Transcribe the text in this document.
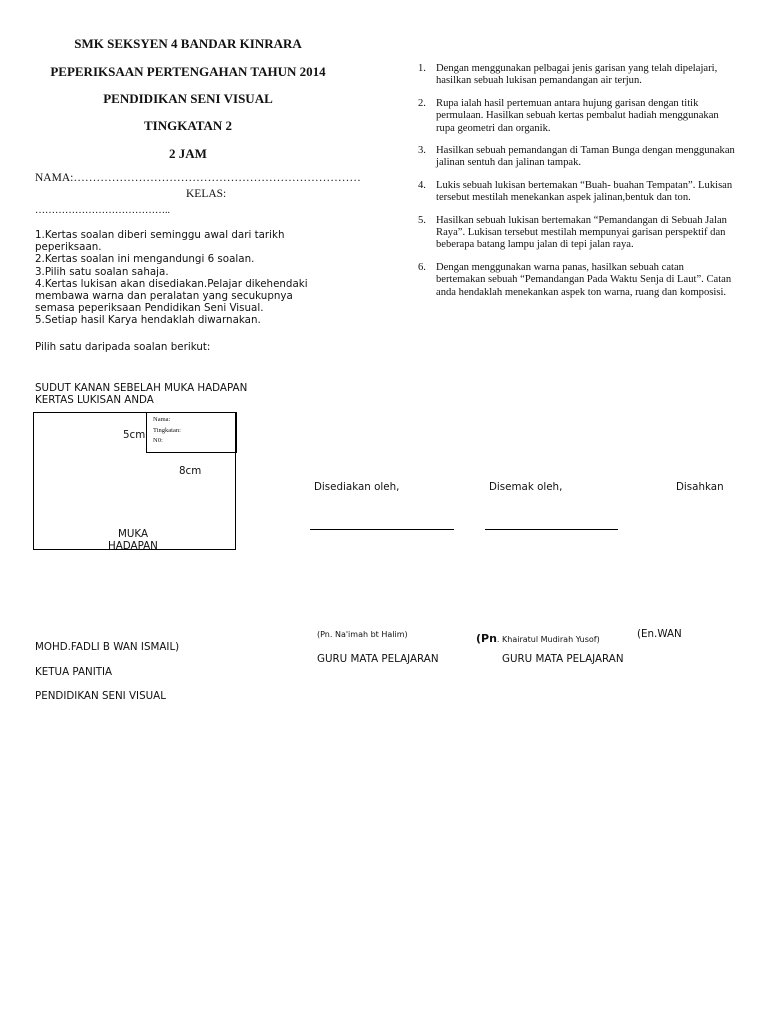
SMK SEKSYEN 4 BANDAR KINRARA
PEPERIKSAAN PERTENGAHAN TAHUN 2014
PENDIDIKAN SENI VISUAL
TINGKATAN 2
2 JAM
NAMA:…………………………………………………………………
KELAS:
…………………………………..
1.Kertas soalan diberi seminggu awal dari tarikh peperiksaan.
2.Kertas soalan ini mengandungi 6 soalan.
3.Pilih satu soalan sahaja.
4.Kertas lukisan akan disediakan.Pelajar dikehendaki membawa warna dan peralatan yang secukupnya semasa peperiksaan Pendidikan Seni Visual.
5.Setiap hasil Karya hendaklah diwarnakan.
Pilih satu daripada soalan berikut:
1. Dengan menggunakan pelbagai jenis garisan yang telah dipelajari, hasilkan sebuah lukisan pemandangan air terjun.
2. Rupa ialah hasil pertemuan antara hujung garisan dengan titik permulaan. Hasilkan sebuah kertas pembalut hadiah menggunakan rupa geometri dan organik.
3. Hasilkan sebuah pemandangan di Taman Bunga dengan menggunakan jalinan sentuh dan jalinan tampak.
4. Lukis sebuah lukisan bertemakan “Buah- buahan Tempatan”. Lukisan tersebut mestilah menekankan aspek jalinan,bentuk dan ton.
5. Hasilkan sebuah lukisan bertemakan “Pemandangan di Sebuah Jalan Raya”. Lukisan tersebut mestilah mempunyai garisan perspektif dan beberapa batang lampu jalan di tepi jalan raya.
6. Dengan menggunakan warna panas, hasilkan sebuah catan bertemakan sebuah “Pemandangan Pada Waktu Senja di Laut”. Catan anda hendaklah menekankan aspek ton warna, ruang dan komposisi.
SUDUT KANAN SEBELAH MUKA HADAPAN
KERTAS LUKISAN ANDA
Nama:
Tingkatan:
N0:
5cm
8cm
MUKA
HADAPAN
Disediakan oleh,	Disemak oleh,	Disahkan
(Pn. Na'imah bt Halim)	(Pn. Khairatul Mudirah Yusof)	(En.WAN
MOHD.FADLI B WAN ISMAIL)
GURU MATA PELAJARAN	GURU MATA PELAJARAN
KETUA PANITIA
PENDIDIKAN SENI VISUAL
